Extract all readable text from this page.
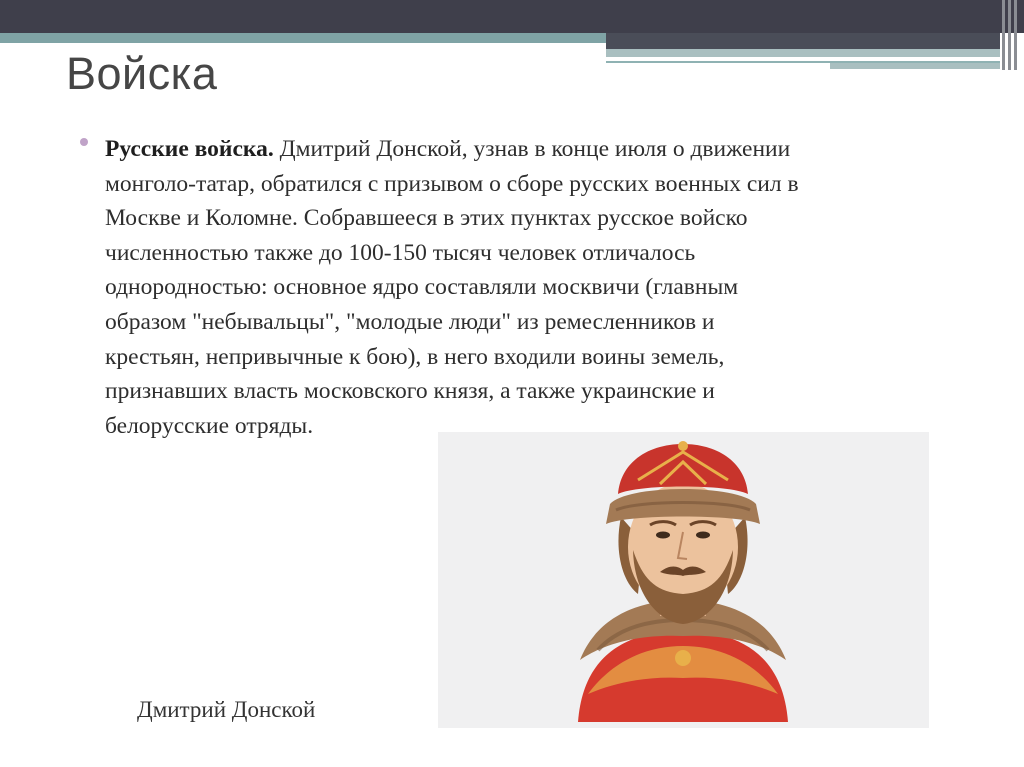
Войска

Русские войска. Дмитрий Донской, узнав в конце июля о движении
монголо-татар, обратился с призывом о сборе русских военных сил в
Москве и Коломне. Собравшееся в этих пунктах русское войско
численностью также до 100-150 тысяч человек отличалось
однородностью: основное ядро составляли москвичи (главным
образом "небывальцы", "молодые люди" из ремесленников и
крестьян, непривычные к бою), в него входили воины земель,
признавших власть московского князя, а также украинские и
белорусские отряды.

Дмитрий Донской
